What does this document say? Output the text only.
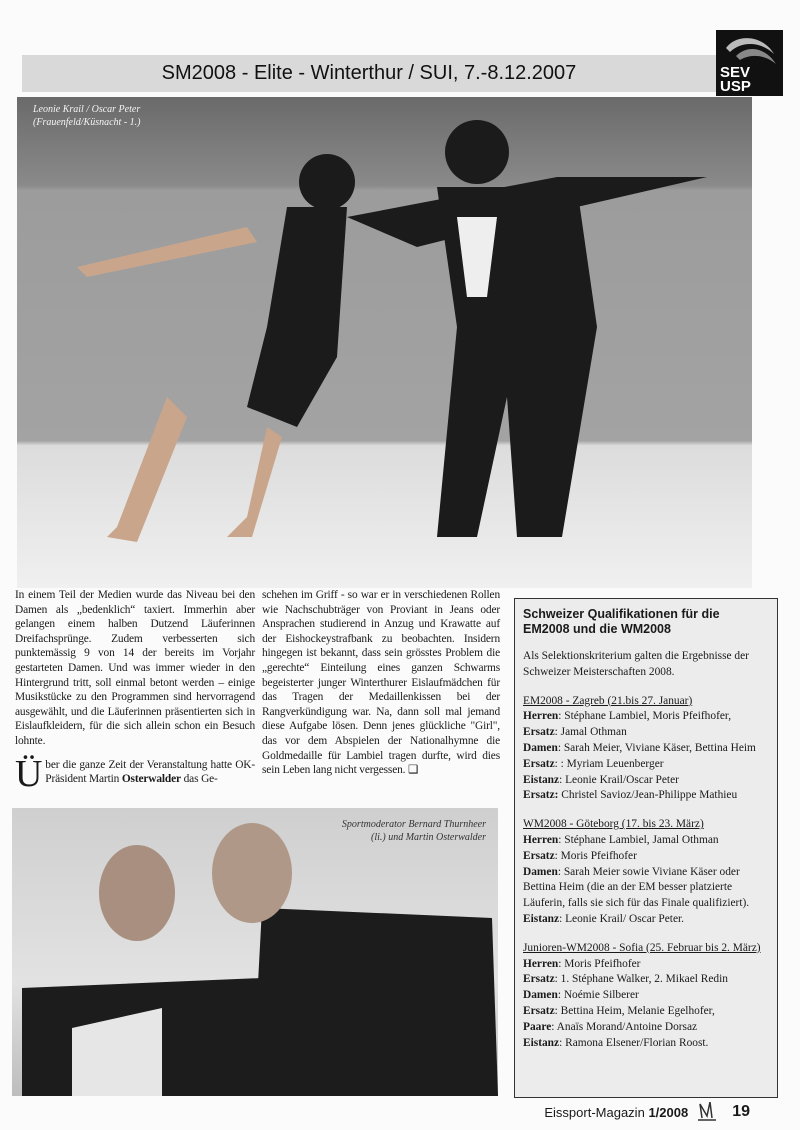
SM2008 - Elite - Winterthur / SUI, 7.-8.12.2007	SEV
USP
Leonie Krail / Oscar Peter
(Frauenfeld/Küsnacht - 1.)

In einem Teil der Medien wurde das Niveau bei den Damen als „bedenklich“ taxiert. Immerhin aber gelangen einem halben Dutzend Läuferinnen Dreifachsprünge. Zudem verbesserten sich punktemässig 9 von 14 der bereits im Vorjahr gestarteten Damen. Und was immer wieder in den Hintergrund tritt, soll einmal betont werden – einige Musikstücke zu den Programmen sind hervorragend ausgewählt, und die Läuferinnen präsentierten sich in Eislaufkleidern, für die sich allein schon ein Besuch lohnte.

Über die ganze Zeit der Veranstaltung hatte OK-Präsident Martin Osterwalder das Ge-

schehen im Griff - so war er in verschiedenen Rollen wie Nachschubträger von Proviant in Jeans oder Ansprachen studierend in Anzug und Krawatte auf der Eishockeystrafbank zu beobachten. Insidern hingegen ist bekannt, dass sein grösstes Problem die „gerechte“ Einteilung eines ganzen Schwarms begeisterter junger Winterthurer Eislaufmädchen für das Tragen der Medaillenkissen bei der Rangverkündigung war. Na, dann soll mal jemand diese Aufgabe lösen. Denn jenes glückliche "Girl", das vor dem Abspielen der Nationalhymne die Goldmedaille für Lambiel tragen durfte, wird dies sein Leben lang nicht vergessen. ❑

Sportmoderator Bernard Thurnheer
(li.) und Martin Osterwalder
Schweizer Qualifikationen für die EM2008 und die WM2008

Als Selektionskriterium galten die Ergebnisse der Schweizer Meisterschaften 2008.

EM2008 - Zagreb (21.bis 27. Januar)
Herren: Stéphane Lambiel, Moris Pfeifhofer,
Ersatz: Jamal Othman
Damen: Sarah Meier, Viviane Käser, Bettina Heim
Ersatz: : Myriam Leuenberger
Eistanz: Leonie Krail/Oscar Peter
Ersatz: Christel Savioz/Jean-Philippe Mathieu
WM2008 - Göteborg (17. bis 23. März)
Herren: Stéphane Lambiel, Jamal Othman
Ersatz: Moris Pfeifhofer
Damen: Sarah Meier sowie Viviane Käser oder Bettina Heim (die an der EM besser platzierte Läuferin, falls sie sich für das Finale qualifiziert).
Eistanz: Leonie Krail/ Oscar Peter.
Junioren-WM2008 - Sofia (25. Februar bis 2. März)
Herren: Moris Pfeifhofer
Ersatz: 1. Stéphane Walker, 2. Mikael Redin
Damen: Noémie Silberer
Ersatz: Bettina Heim, Melanie Egelhofer,
Paare: Anaïs Morand/Antoine Dorsaz
Eistanz: Ramona Elsener/Florian Roost.
Eissport-Magazin 1/2008	19
